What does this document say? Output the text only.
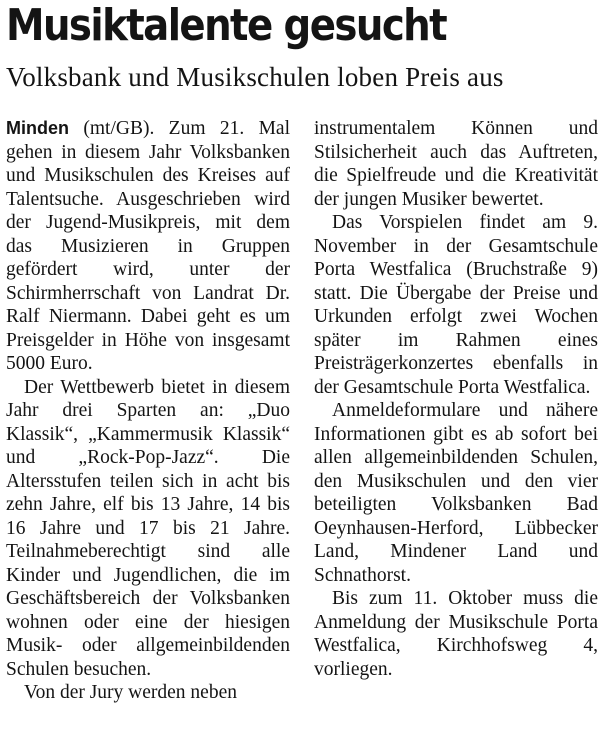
Musiktalente gesucht
Volksbank und Musikschulen loben Preis aus

Minden (mt/GB). Zum 21. Mal gehen in diesem Jahr Volksbanken und Musikschulen des Kreises auf Talentsuche. Ausgeschrieben wird der Jugend-Musikpreis, mit dem das Musizieren in Gruppen gefördert wird, unter der Schirmherrschaft von Landrat Dr. Ralf Niermann. Dabei geht es um Preisgelder in Höhe von insgesamt 5000 Euro.

Der Wettbewerb bietet in diesem Jahr drei Sparten an: „Duo Klassik“, „Kammermusik Klassik“ und „Rock-Pop-Jazz“. Die Altersstufen teilen sich in acht bis zehn Jahre, elf bis 13 Jahre, 14 bis 16 Jahre und 17 bis 21 Jahre. Teilnahmeberechtigt sind alle Kinder und Jugendlichen, die im Geschäftsbereich der Volksbanken wohnen oder eine der hiesigen Musik- oder allgemeinbildenden Schulen besuchen.

Von der Jury werden neben

instrumentalem Können und Stilsicherheit auch das Auftreten, die Spielfreude und die Kreativität der jungen Musiker bewertet.

Das Vorspielen findet am 9. November in der Gesamtschule Porta Westfalica (Bruchstraße 9) statt. Die Übergabe der Preise und Urkunden erfolgt zwei Wochen später im Rahmen eines Preisträgerkonzertes ebenfalls in der Gesamtschule Porta Westfalica.

Anmeldeformulare und nähere Informationen gibt es ab sofort bei allen allgemeinbildenden Schulen, den Musikschulen und den vier beteiligten Volksbanken Bad Oeynhausen-Herford, Lübbecker Land, Mindener Land und Schnathorst.

Bis zum 11. Oktober muss die Anmeldung der Musikschule Porta Westfalica, Kirchhofsweg 4, vorliegen.
